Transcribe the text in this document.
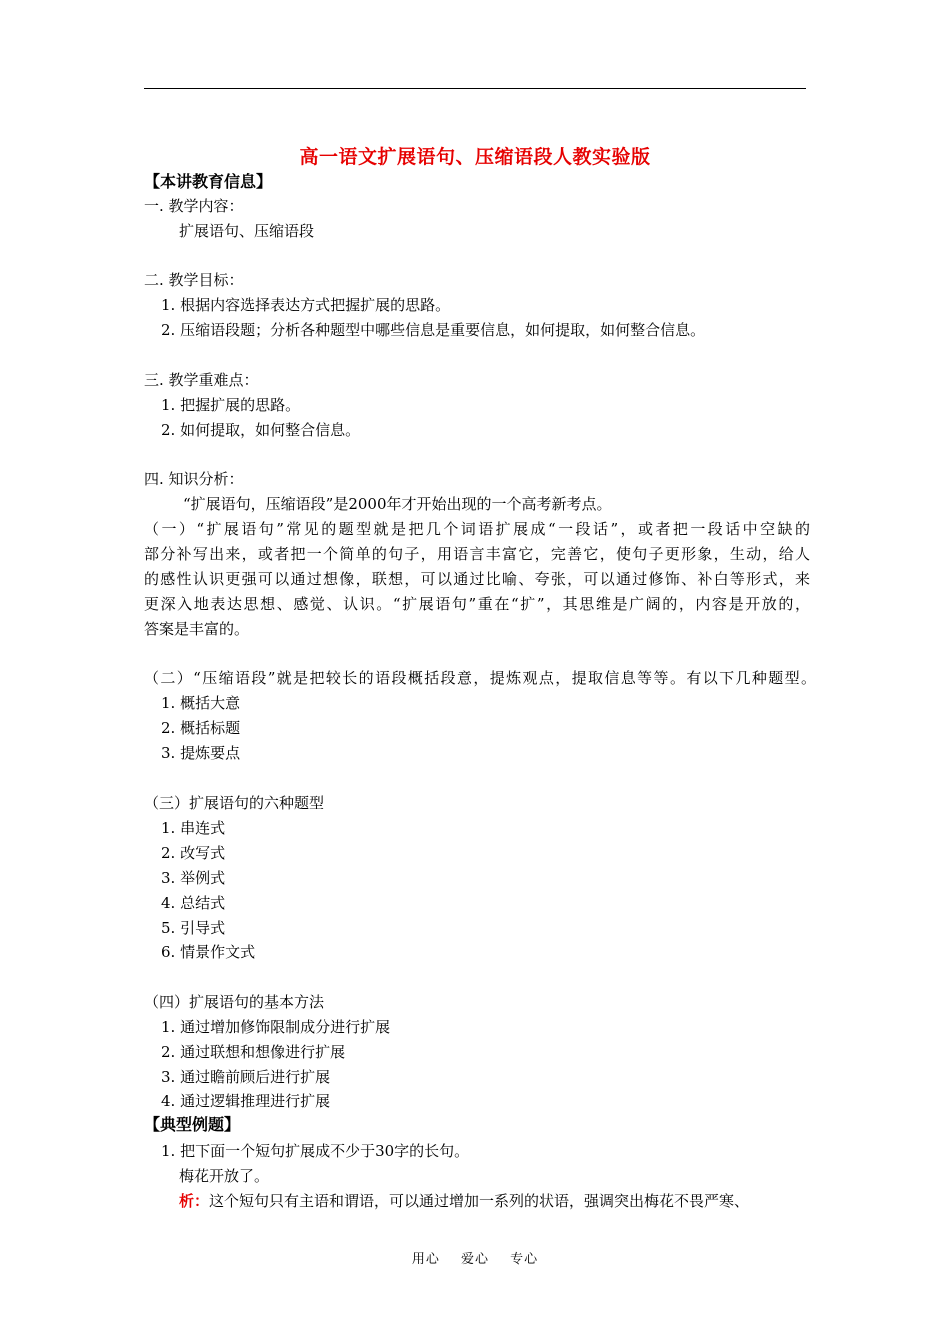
高一语文扩展语句、压缩语段人教实验版
【本讲教育信息】
一. 教学内容：
扩展语句、压缩语段
二. 教学目标：
1. 根据内容选择表达方式把握扩展的思路。
2. 压缩语段题；分析各种题型中哪些信息是重要信息，如何提取，如何整合信息。
三. 教学重难点：
1. 把握扩展的思路。
2. 如何提取，如何整合信息。
四. 知识分析：
“扩展语句，压缩语段”是2000年才开始出现的一个高考新考点。
（一）“扩展语句”常见的题型就是把几个词语扩展成“一段话”，或者把一段话中空缺的
部分补写出来，或者把一个简单的句子，用语言丰富它，完善它，使句子更形象，生动，给人
的感性认识更强可以通过想像，联想，可以通过比喻、夸张，可以通过修饰、补白等形式，来
更深入地表达思想、感觉、认识。“扩展语句”重在“扩”，其思维是广阔的，内容是开放的，
答案是丰富的。
（二）“压缩语段”就是把较长的语段概括段意，提炼观点，提取信息等等。有以下几种题型。
1. 概括大意
2. 概括标题
3. 提炼要点
（三）扩展语句的六种题型
1. 串连式
2. 改写式
3. 举例式
4. 总结式
5. 引导式
6. 情景作文式
（四）扩展语句的基本方法
1. 通过增加修饰限制成分进行扩展
2. 通过联想和想像进行扩展
3. 通过瞻前顾后进行扩展
4. 通过逻辑推理进行扩展
【典型例题】
1. 把下面一个短句扩展成不少于30字的长句。
梅花开放了。
析：这个短句只有主语和谓语，可以通过增加一系列的状语，强调突出梅花不畏严寒、
用心 爱心 专心
